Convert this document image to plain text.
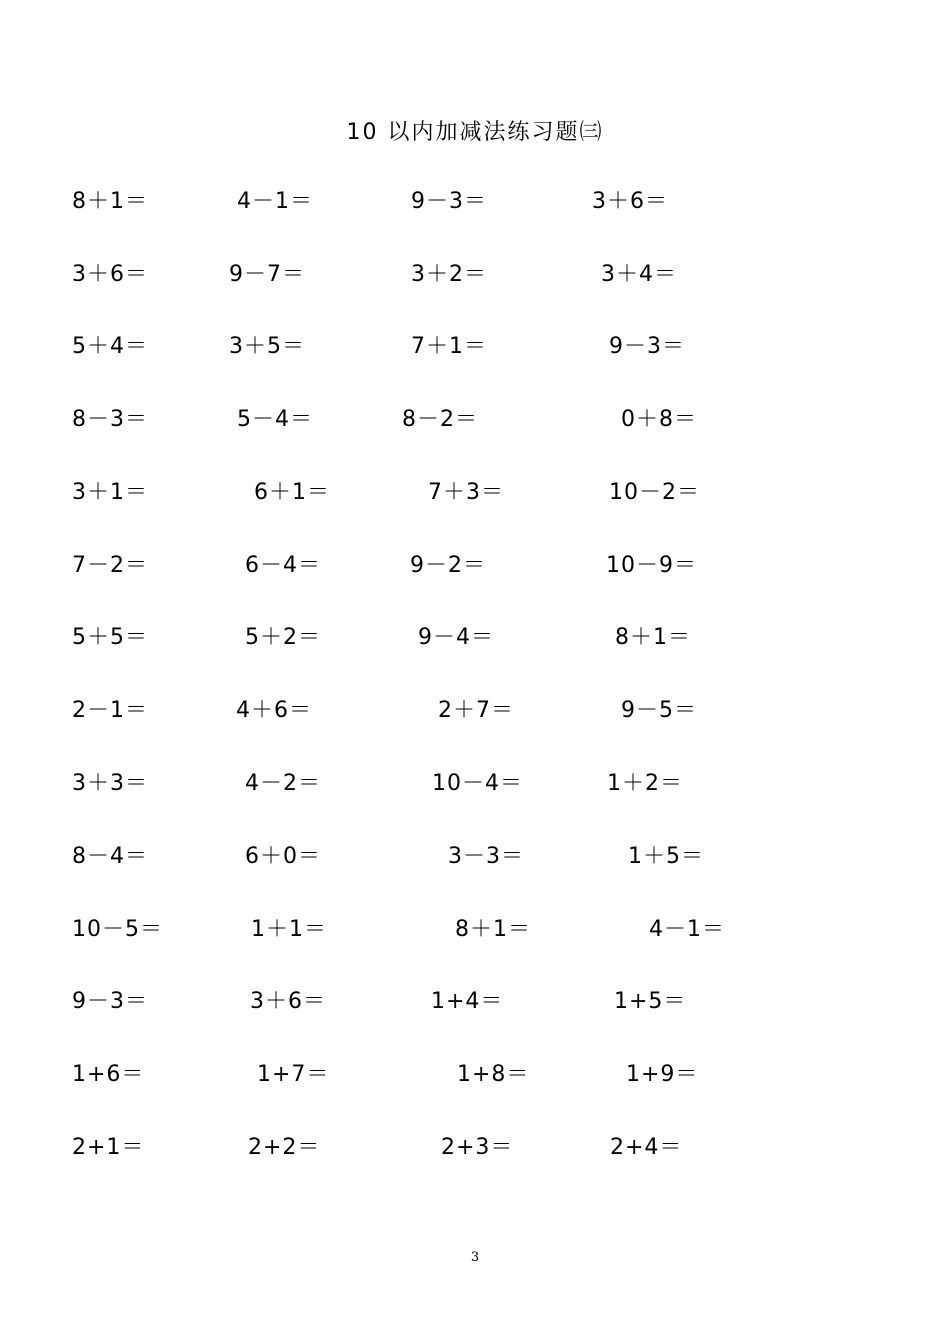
10 以内加减法练习题㈢
8＋1＝	4－1＝	9－3＝	3＋6＝
3＋6＝	9－7＝	3＋2＝	3＋4＝
5＋4＝	3＋5＝	7＋1＝	9－3＝
8－3＝	5－4＝	8－2＝	0＋8＝
3＋1＝	6＋1＝	7＋3＝	10－2＝
7－2＝	6－4＝	9－2＝	10－9＝
5＋5＝	5＋2＝	9－4＝	8＋1＝
2－1＝	4＋6＝	2＋7＝	9－5＝
3＋3＝	4－2＝	10－4＝	1＋2＝
8－4＝	6＋0＝	3－3＝	1＋5＝
10－5＝	1＋1＝	8＋1＝	4－1＝
9－3＝	3＋6＝	1+4＝	1+5＝
1+6＝	1+7＝	1+8＝	1+9＝
2+1＝	2+2＝	2+3＝	2+4＝
3
